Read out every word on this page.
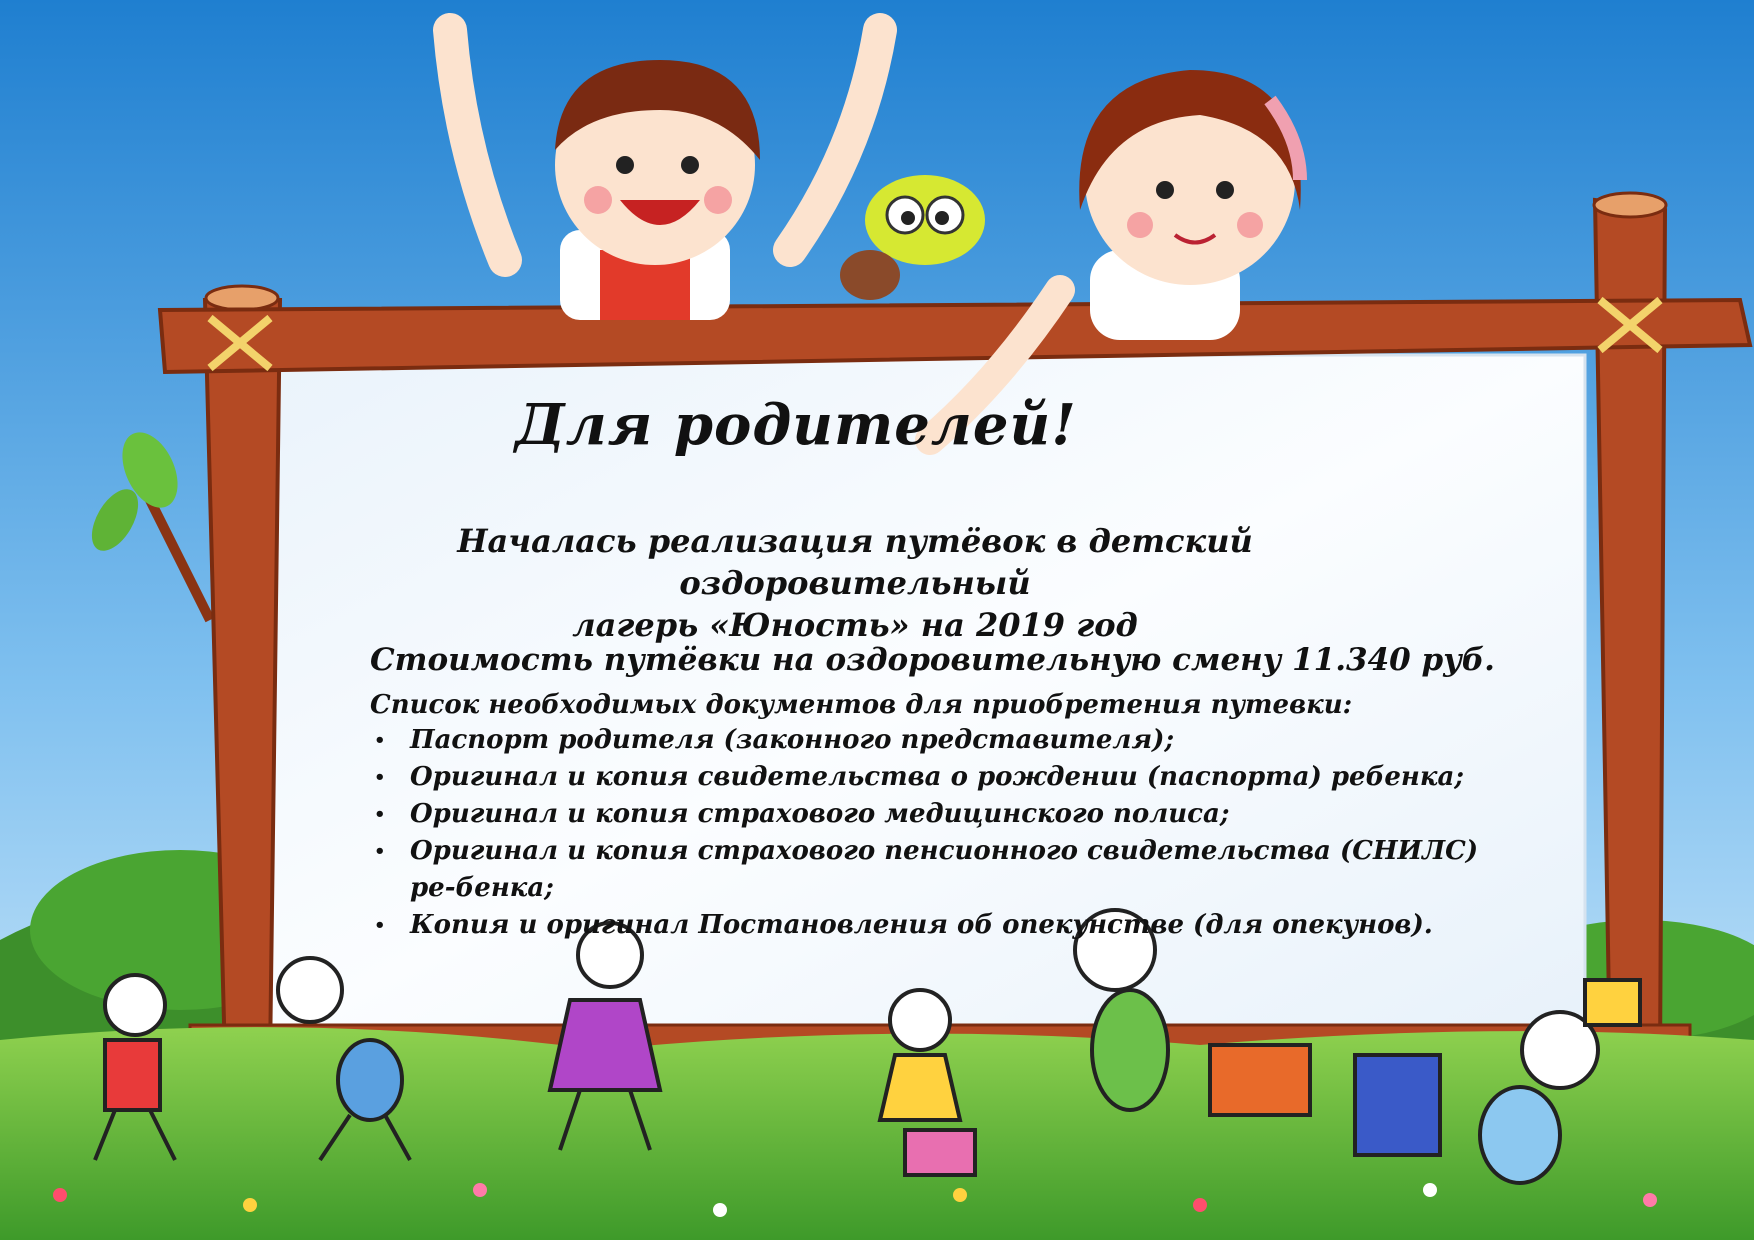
Для родителей!
Началась реализация путёвок в детский оздоровительный
лагерь «Юность» на 2019 год
Стоимость путёвки на оздоровительную смену 11.340 руб.
Список необходимых документов для приобретения путевки:
• Паспорт родителя (законного представителя);
• Оригинал и копия свидетельства о рождении (паспорта) ребенка;
• Оригинал и копия страхового медицинского полиса;
• Оригинал и копия страхового пенсионного свидетельства (СНИЛС) ре-бенка;
• Копия и оригинал Постановления об опекунстве (для опекунов).
